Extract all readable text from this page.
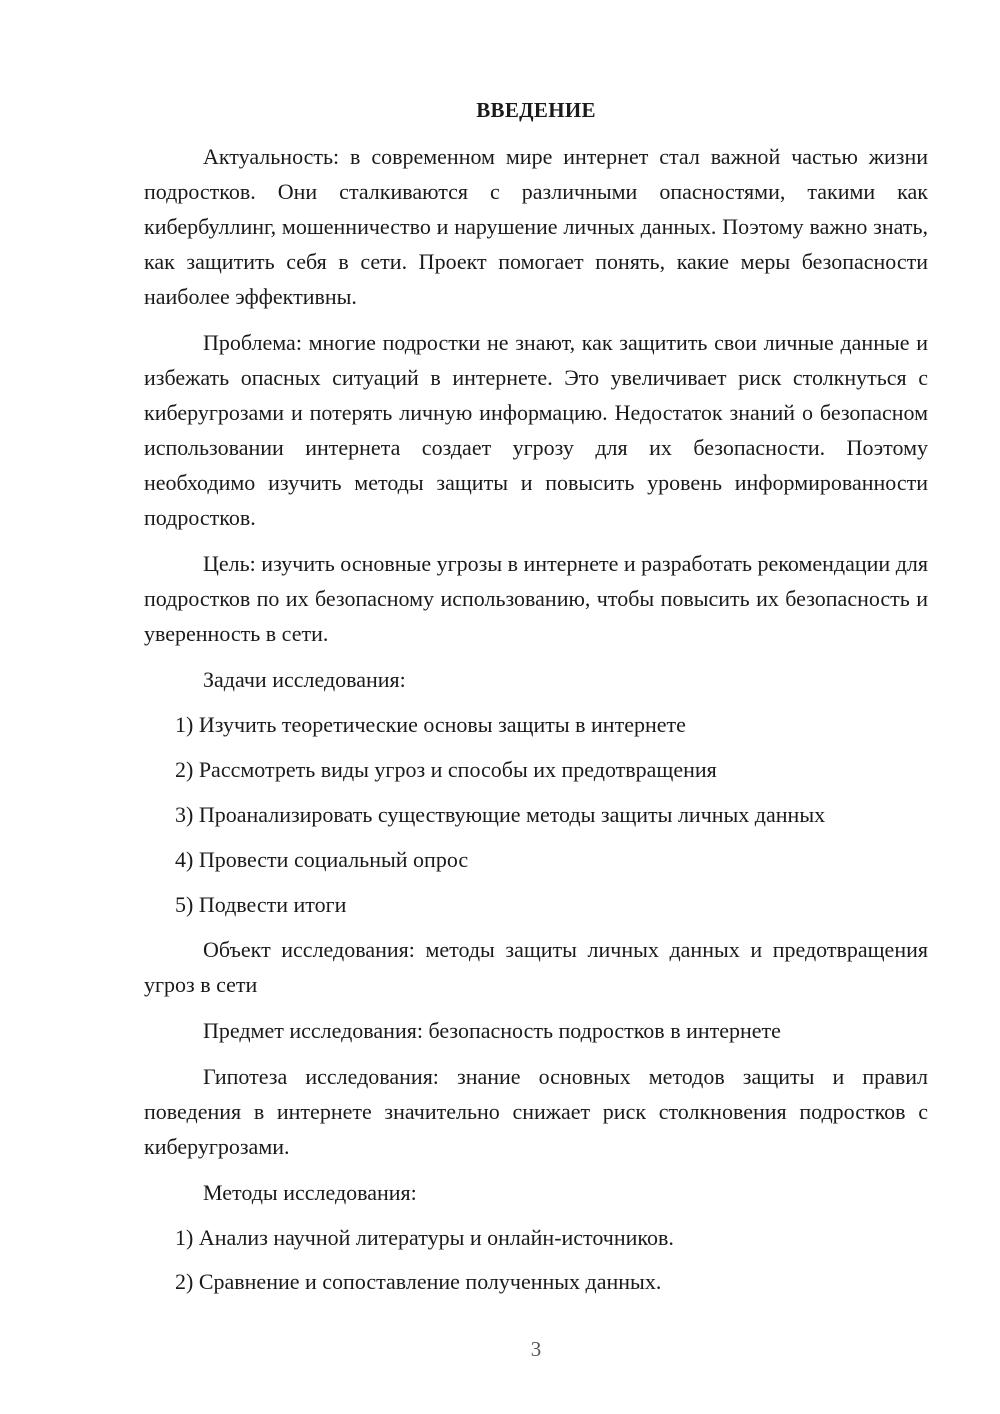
ВВЕДЕНИЕ

Актуальность: в современном мире интернет стал важной частью жизни подростков. Они сталкиваются с различными опасностями, такими как кибербуллинг, мошенничество и нарушение личных данных. Поэтому важно знать, как защитить себя в сети. Проект помогает понять, какие меры безопасности наиболее эффективны.

Проблема: многие подростки не знают, как защитить свои личные данные и избежать опасных ситуаций в интернете. Это увеличивает риск столкнуться с киберугрозами и потерять личную информацию. Недостаток знаний о безопасном использовании интернета создает угрозу для их безопасности. Поэтому необходимо изучить методы защиты и повысить уровень информированности подростков.

Цель: изучить основные угрозы в интернете и разработать рекомендации для подростков по их безопасному использованию, чтобы повысить их безопасность и уверенность в сети.

Задачи исследования:

1) Изучить теоретические основы защиты в интернете
2) Рассмотреть виды угроз и способы их предотвращения
3) Проанализировать существующие методы защиты личных данных
4) Провести социальный опрос
5) Подвести итоги

Объект исследования: методы защиты личных данных и предотвращения угроз в сети

Предмет исследования: безопасность подростков в интернете

Гипотеза исследования: знание основных методов защиты и правил поведения в интернете значительно снижает риск столкновения подростков с киберугрозами.

Методы исследования:

1) Анализ научной литературы и онлайн-источников.
2) Сравнение и сопоставление полученных данных.
3
